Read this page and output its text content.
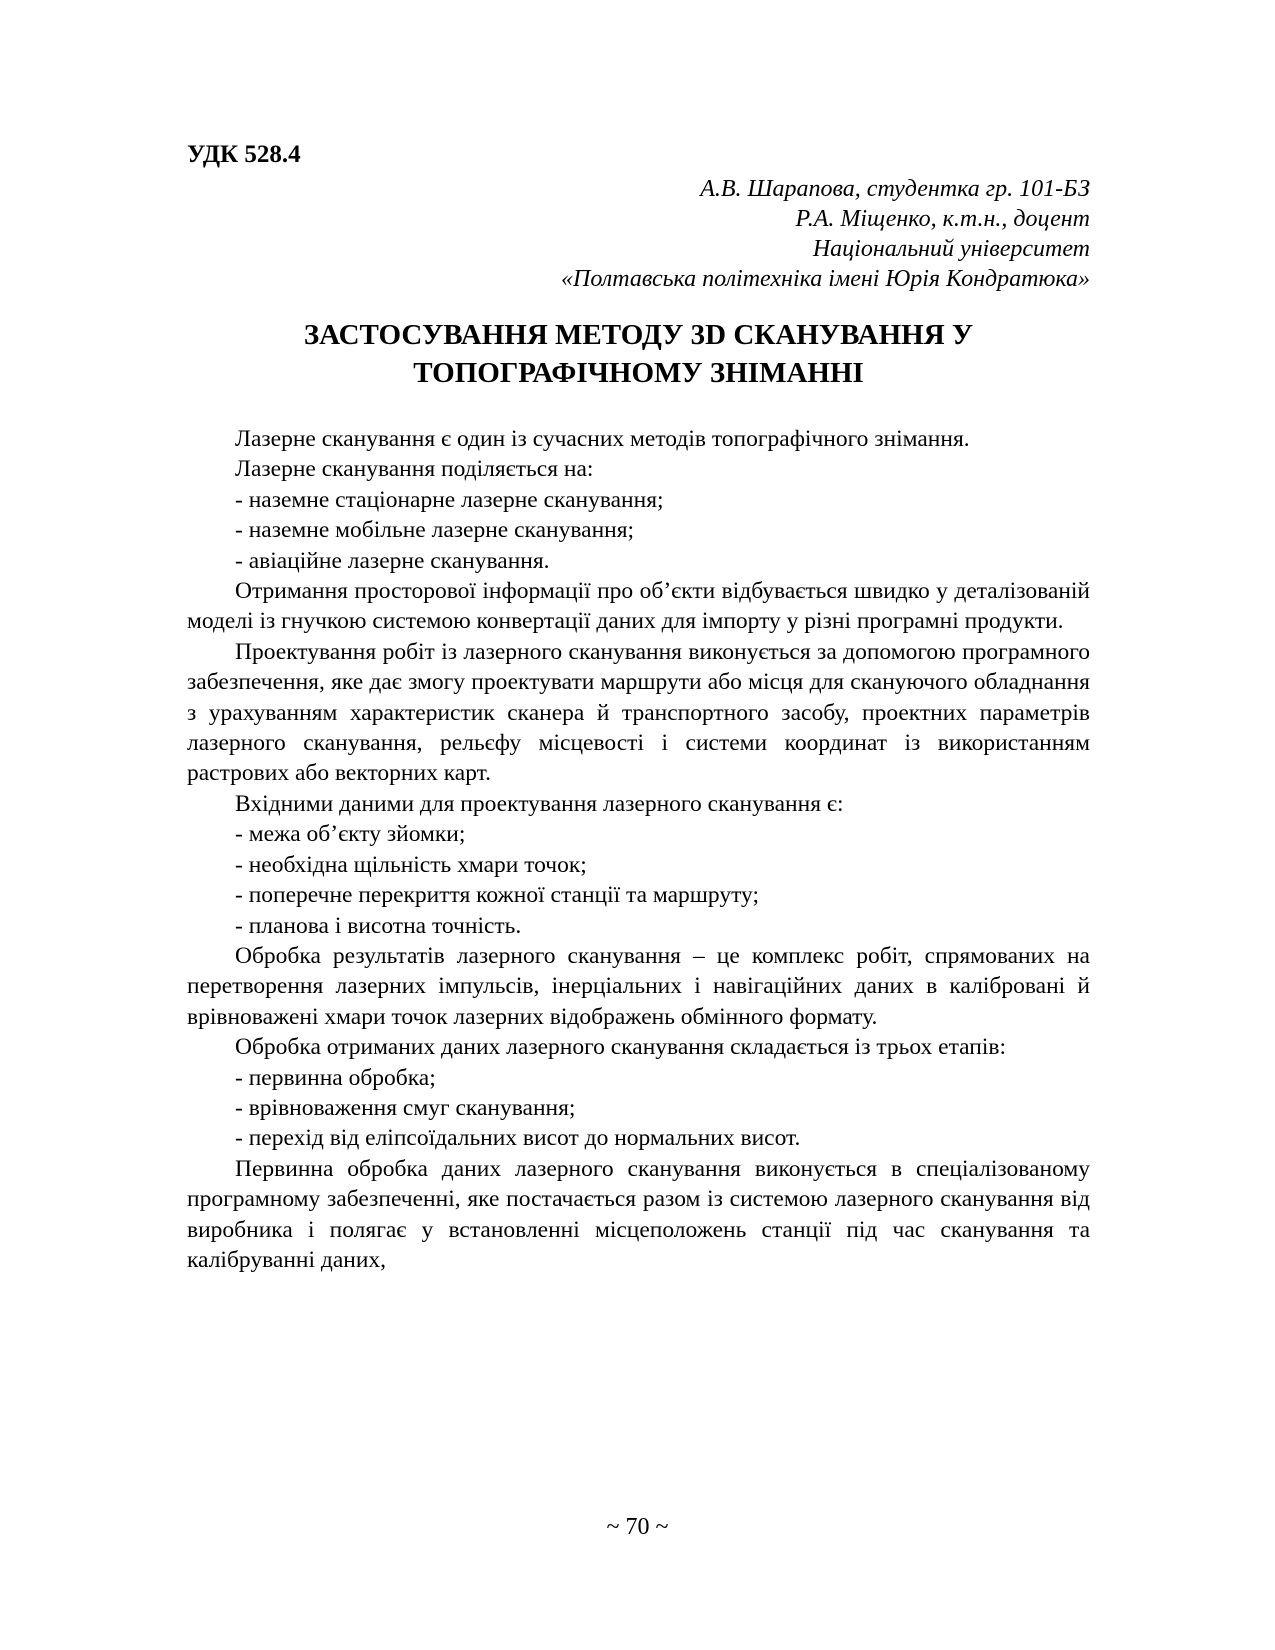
УДК 528.4
А.В. Шарапова, студентка гр. 101-БЗ
Р.А. Міщенко, к.т.н., доцент
Національний університет
«Полтавська політехніка імені Юрія Кондратюка»
ЗАСТОСУВАННЯ МЕТОДУ 3D СКАНУВАННЯ У
ТОПОГРАФІЧНОМУ ЗНІМАННІ

Лазерне сканування є один із сучасних методів топографічного знімання.

Лазерне сканування поділяється на:

- наземне стаціонарне лазерне сканування;

- наземне мобільне лазерне сканування;

- авіаційне лазерне сканування.

Отримання просторової інформації про об’єкти відбувається швидко у деталізованій моделі із гнучкою системою конвертації даних для імпорту у різні програмні продукти.

Проектування робіт із лазерного сканування виконується за допомогою програмного забезпечення, яке дає змогу проектувати маршрути або місця для скануючого обладнання з урахуванням характеристик сканера й транспортного засобу, проектних параметрів лазерного сканування, рельєфу місцевості і системи координат із використанням растрових або векторних карт.

Вхідними даними для проектування лазерного сканування є:

- межа об’єкту зйомки;

- необхідна щільність хмари точок;

- поперечне перекриття кожної станції та маршруту;

- планова і висотна точність.

Обробка результатів лазерного сканування – це комплекс робіт, спрямованих на перетворення лазерних імпульсів, інерціальних і навігаційних даних в калібровані й врівноважені хмари точок лазерних відображень обмінного формату.

Обробка отриманих даних лазерного сканування складається із трьох етапів:

- первинна обробка;

- врівноваження смуг сканування;

- перехід від еліпсоїдальних висот до нормальних висот.

Первинна обробка даних лазерного сканування виконується в спеціалізованому програмному забезпеченні, яке постачається разом із системою лазерного сканування від виробника і полягає у встановленні місцеположень станції під час сканування та калібруванні даних,

~ 70 ~
